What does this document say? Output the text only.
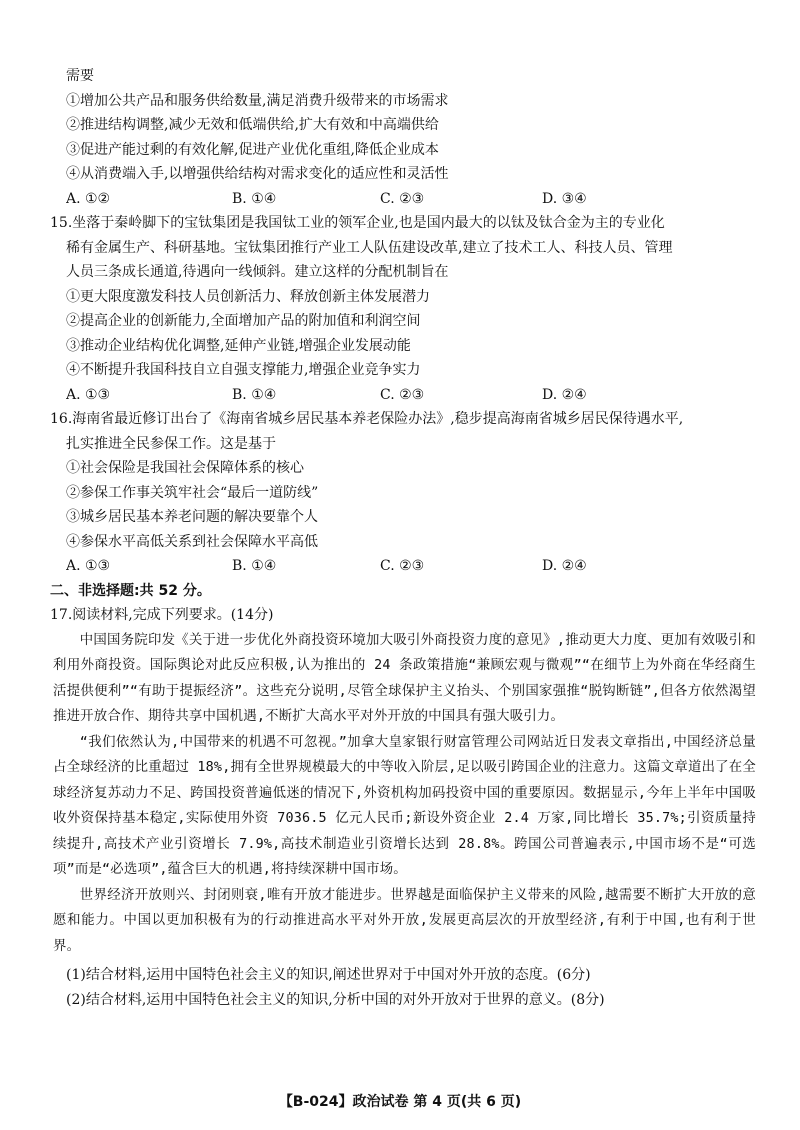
需要
①增加公共产品和服务供给数量,满足消费升级带来的市场需求
②推进结构调整,减少无效和低端供给,扩大有效和中高端供给
③促进产能过剩的有效化解,促进产业优化重组,降低企业成本
④从消费端入手,以增强供给结构对需求变化的适应性和灵活性
A. ①②	B. ①④	C. ②③	D. ③④
15.坐落于秦岭脚下的宝钛集团是我国钛工业的领军企业,也是国内最大的以钛及钛合金为主的专业化
稀有金属生产、科研基地。宝钛集团推行产业工人队伍建设改革,建立了技术工人、科技人员、管理
人员三条成长通道,待遇向一线倾斜。建立这样的分配机制旨在
①更大限度激发科技人员创新活力、释放创新主体发展潜力
②提高企业的创新能力,全面增加产品的附加值和利润空间
③推动企业结构优化调整,延伸产业链,增强企业发展动能
④不断提升我国科技自立自强支撑能力,增强企业竞争实力
A. ①③	B. ①④	C. ②③	D. ②④
16.海南省最近修订出台了《海南省城乡居民基本养老保险办法》,稳步提高海南省城乡居民保待遇水平,
扎实推进全民参保工作。这是基于
①社会保险是我国社会保障体系的核心
②参保工作事关筑牢社会“最后一道防线”
③城乡居民基本养老问题的解决要靠个人
④参保水平高低关系到社会保障水平高低
A. ①③	B. ①④	C. ②③	D. ②④
二、非选择题:共 52 分。
17.阅读材料,完成下列要求。(14分)

中国国务院印发《关于进一步优化外商投资环境加大吸引外商投资力度的意见》,推动更大力度、更加有效吸引和利用外商投资。国际舆论对此反应积极,认为推出的 24 条政策措施“兼顾宏观与微观”“在细节上为外商在华经商生活提供便利”“有助于提振经济”。这些充分说明,尽管全球保护主义抬头、个别国家强推“脱钩断链”,但各方依然渴望推进开放合作、期待共享中国机遇,不断扩大高水平对外开放的中国具有强大吸引力。

“我们依然认为,中国带来的机遇不可忽视。”加拿大皇家银行财富管理公司网站近日发表文章指出,中国经济总量占全球经济的比重超过 18%,拥有全世界规模最大的中等收入阶层,足以吸引跨国企业的注意力。这篇文章道出了在全球经济复苏动力不足、跨国投资普遍低迷的情况下,外资机构加码投资中国的重要原因。数据显示,今年上半年中国吸收外资保持基本稳定,实际使用外资 7036.5 亿元人民币;新设外资企业 2.4 万家,同比增长 35.7%;引资质量持续提升,高技术产业引资增长 7.9%,高技术制造业引资增长达到 28.8%。跨国公司普遍表示,中国市场不是“可选项”而是“必选项”,蕴含巨大的机遇,将持续深耕中国市场。

世界经济开放则兴、封闭则衰,唯有开放才能进步。世界越是面临保护主义带来的风险,越需要不断扩大开放的意愿和能力。中国以更加积极有为的行动推进高水平对外开放,发展更高层次的开放型经济,有利于中国,也有利于世界。

(1)结合材料,运用中国特色社会主义的知识,阐述世界对于中国对外开放的态度。(6分)
(2)结合材料,运用中国特色社会主义的知识,分析中国的对外开放对于世界的意义。(8分)
【B-024】政治试卷 第 4 页(共 6 页)
